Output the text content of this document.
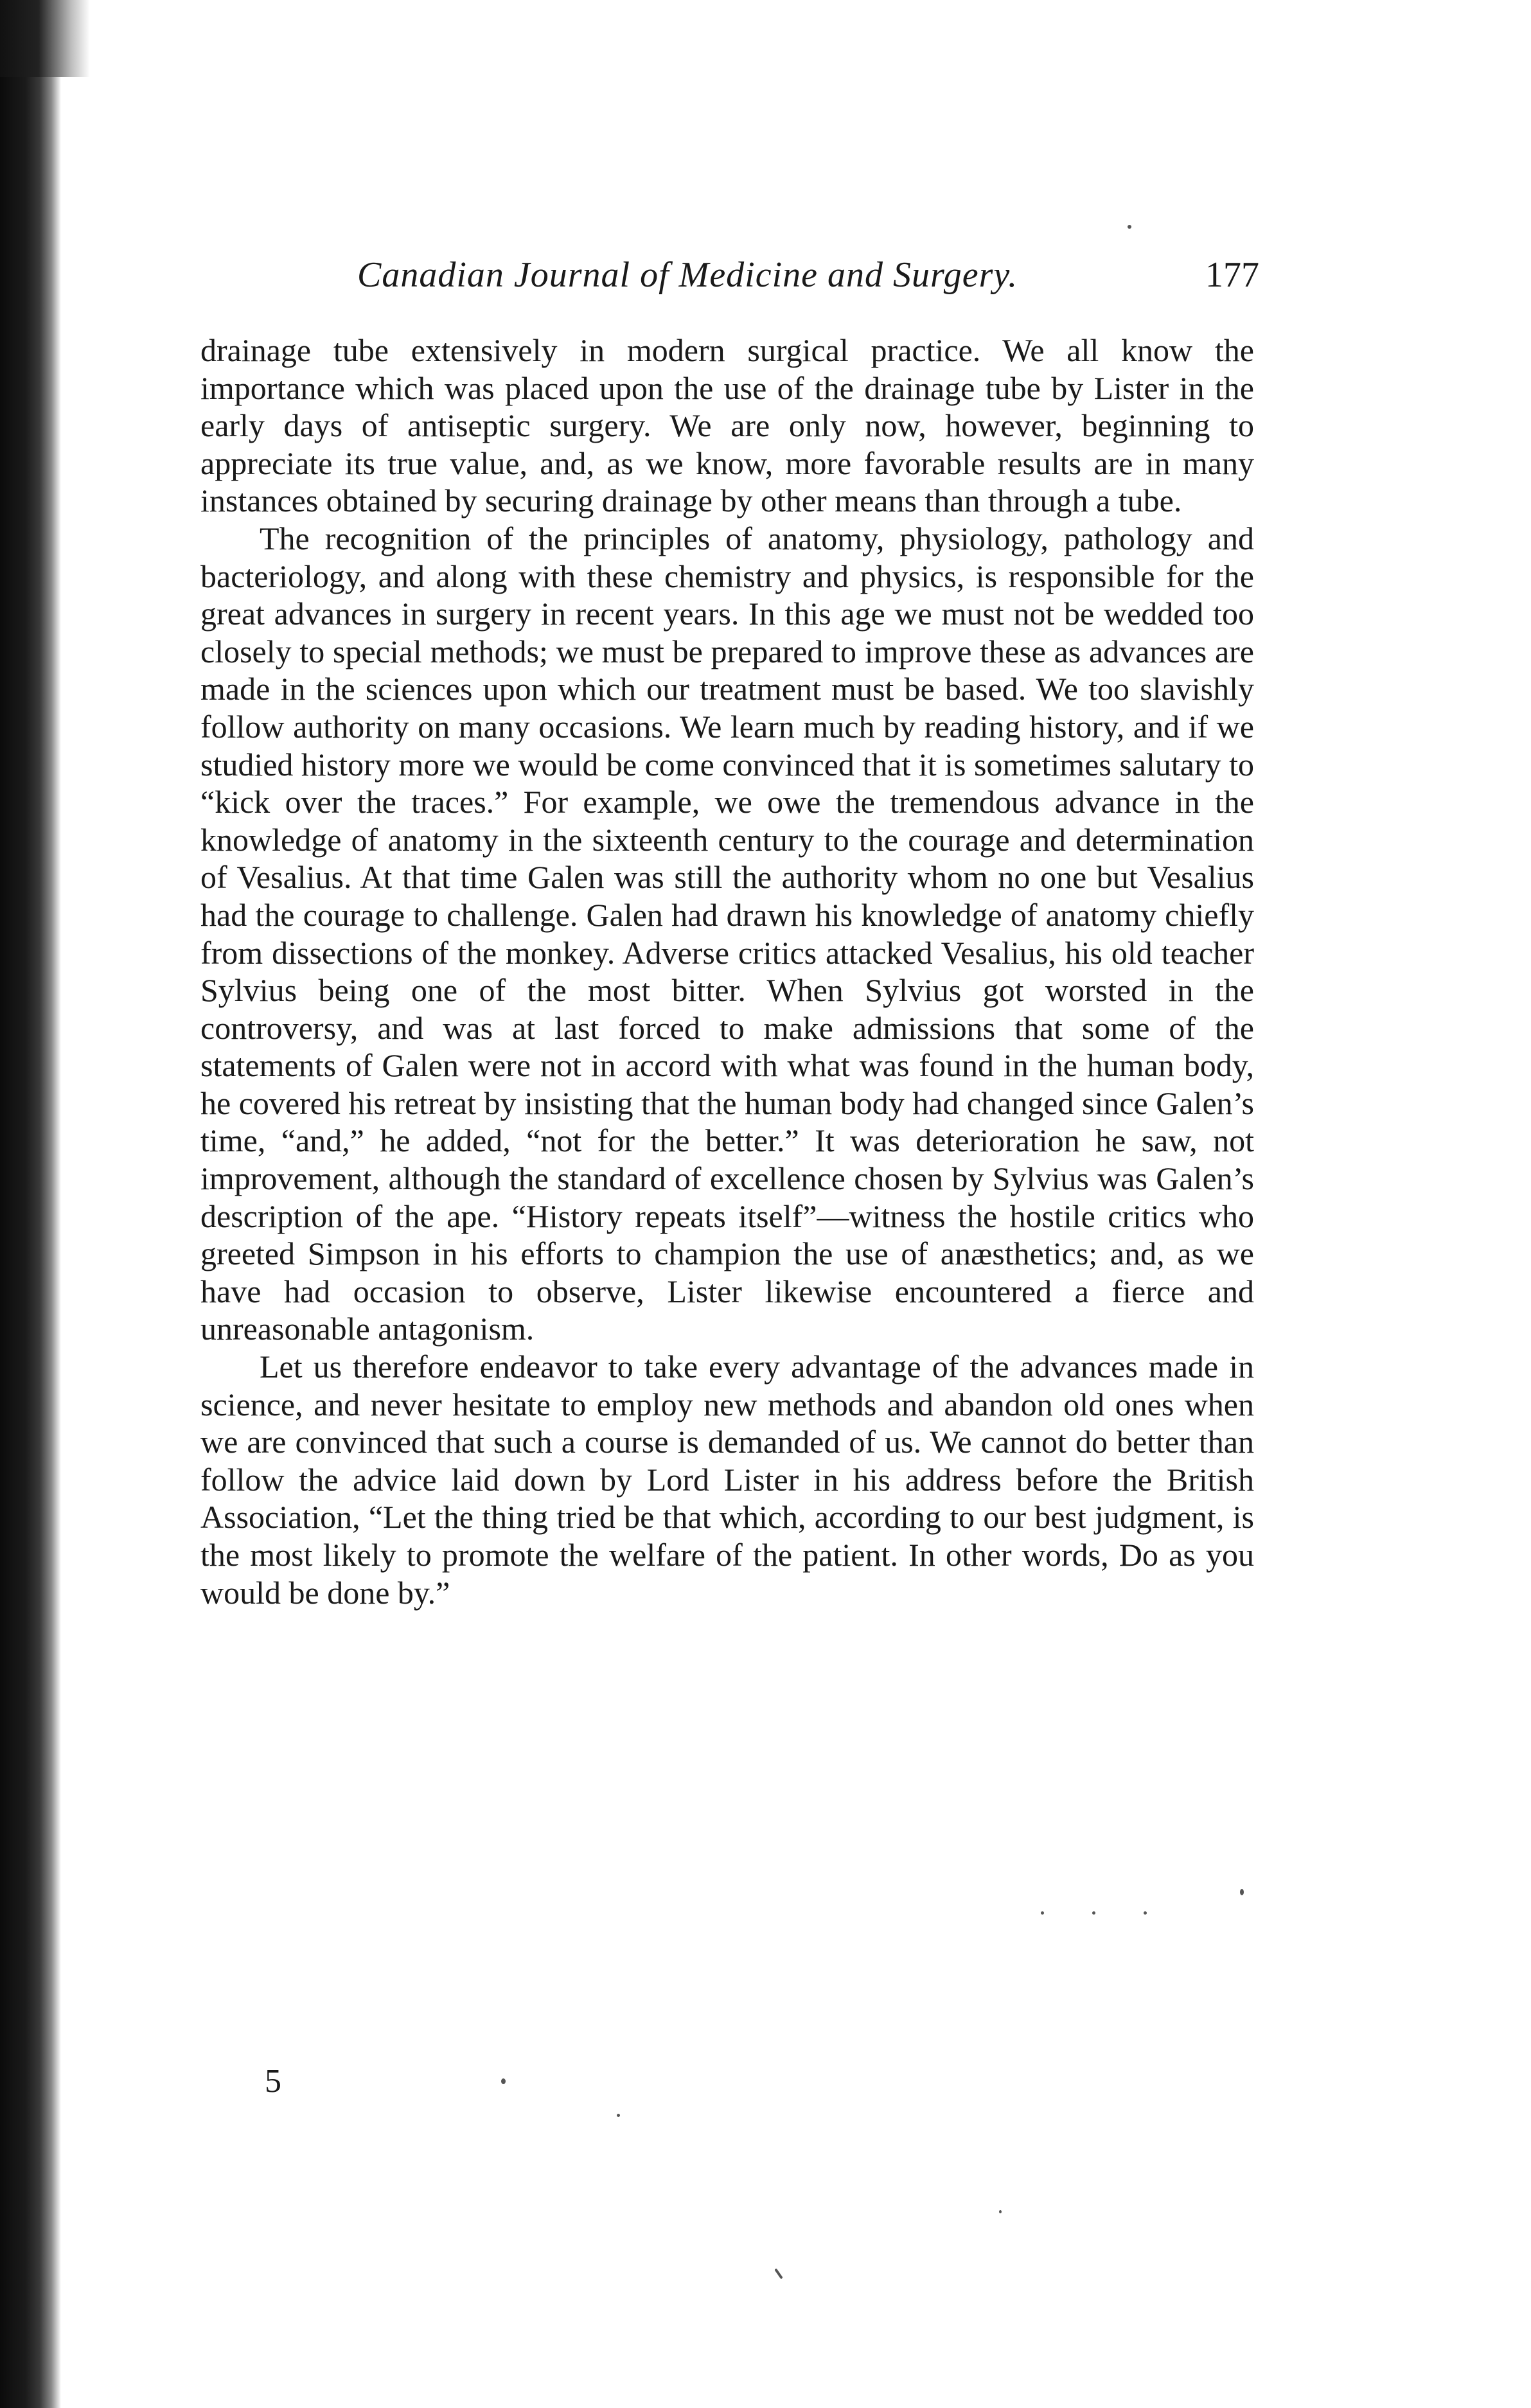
Canadian Journal of Medicine and Surgery.	177

drainage tube extensively in modern surgical practice. We all know the importance which was placed upon the use of the drainage tube by Lister in the early days of antiseptic surgery. We are only now, however, beginning to appreciate its true value, and, as we know, more favorable results are in many instances obtained by securing drainage by other means than through a tube.

The recognition of the principles of anatomy, physiology, pathology and bacteriology, and along with these chemistry and physics, is responsible for the great advances in surgery in recent years. In this age we must not be wedded too closely to special methods; we must be prepared to improve these as advances are made in the sciences upon which our treatment must be based. We too slavishly follow authority on many occasions. We learn much by reading history, and if we studied history more we would be come convinced that it is sometimes salutary to “kick over the traces.” For example, we owe the tremendous advance in the knowledge of anatomy in the sixteenth century to the courage and determination of Vesalius. At that time Galen was still the authority whom no one but Vesalius had the courage to challenge. Galen had drawn his knowledge of anatomy chiefly from dissections of the monkey. Adverse critics attacked Vesalius, his old teacher Sylvius being one of the most bitter. When Sylvius got worsted in the controversy, and was at last forced to make admissions that some of the statements of Galen were not in accord with what was found in the human body, he covered his retreat by insisting that the human body had changed since Galen’s time, “and,” he added, “not for the better.” It was deterioration he saw, not improvement, although the standard of excellence chosen by Sylvius was Galen’s description of the ape. “History repeats itself”—witness the hostile critics who greeted Simpson in his efforts to champion the use of anæsthetics; and, as we have had occasion to observe, Lister likewise encountered a fierce and unreasonable antagonism.

Let us therefore endeavor to take every advantage of the advances made in science, and never hesitate to employ new methods and abandon old ones when we are convinced that such a course is demanded of us. We cannot do better than follow the advice laid down by Lord Lister in his address before the British Association, “Let the thing tried be that which, according to our best judgment, is the most likely to promote the welfare of the patient. In other words, Do as you would be done by.”

5
